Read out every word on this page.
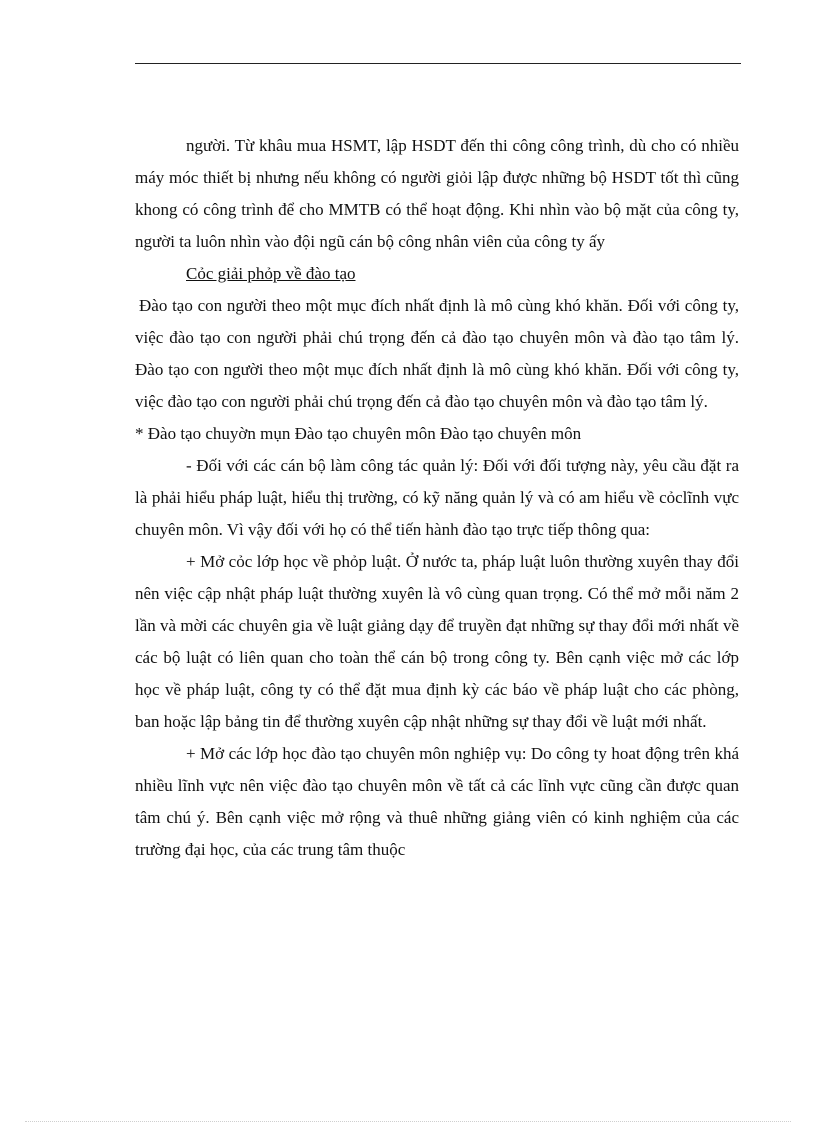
người. Từ khâu mua HSMT, lập HSDT đến thi công công trình, dù cho có nhiều máy móc thiết bị nhưng nếu không có người giỏi lập được những bộ HSDT tốt thì cũng khong có công trình để cho MMTB có thể hoạt động. Khi nhìn vào bộ mặt của công ty, người ta luôn nhìn vào đội ngũ cán bộ công nhân viên của công ty ấy

Cỏc giải phỏp về đào tạo

Đào tạo con người theo một mục đích nhất định là mô cùng khó khăn. Đối với công ty, việc đào tạo con người phải chú trọng đến cả đào tạo chuyên môn và đào tạo tâm lý. Đào tạo con người theo một mục đích nhất định là mô cùng khó khăn. Đối với công ty, việc đào tạo con người phải chú trọng đến cả đào tạo chuyên môn và đào tạo tâm lý.

* Đào tạo chuyờn mụn Đào tạo chuyên môn Đào tạo chuyên môn

- Đối với các cán bộ làm công tác quản lý: Đối với đối tượng này, yêu cầu đặt ra là phải hiểu pháp luật, hiểu thị trường, có kỹ năng quản lý và có am hiểu về cỏclĩnh vực chuyên môn. Vì vậy đối với họ có thể tiến hành đào tạo trực tiếp thông qua:

+ Mở cỏc lớp học về phỏp luật. Ở nước ta, pháp luật luôn thường xuyên thay đổi nên việc cập nhật pháp luật thường xuyên là vô cùng quan trọng. Có thể mở mỗi năm 2 lần và mời các chuyên gia về luật giảng dạy để truyền đạt những sự thay đổi mới nhất về các bộ luật có liên quan cho toàn thể cán bộ trong công ty. Bên cạnh việc mở các lớp học về pháp luật, công ty có thể đặt mua định kỳ các báo về pháp luật cho các phòng, ban hoặc lập bảng tin để thường xuyên cập nhật những sự thay đổi về luật mới nhất.

+ Mở các lớp học đào tạo chuyên môn nghiệp vụ: Do công ty hoat động trên khá nhiều lĩnh vực nên việc đào tạo chuyên môn về tất cả các lĩnh vực cũng cần được quan tâm chú ý. Bên cạnh việc mở rộng và thuê những giảng viên có kinh nghiệm của các trường đại học, của các trung tâm thuộc
